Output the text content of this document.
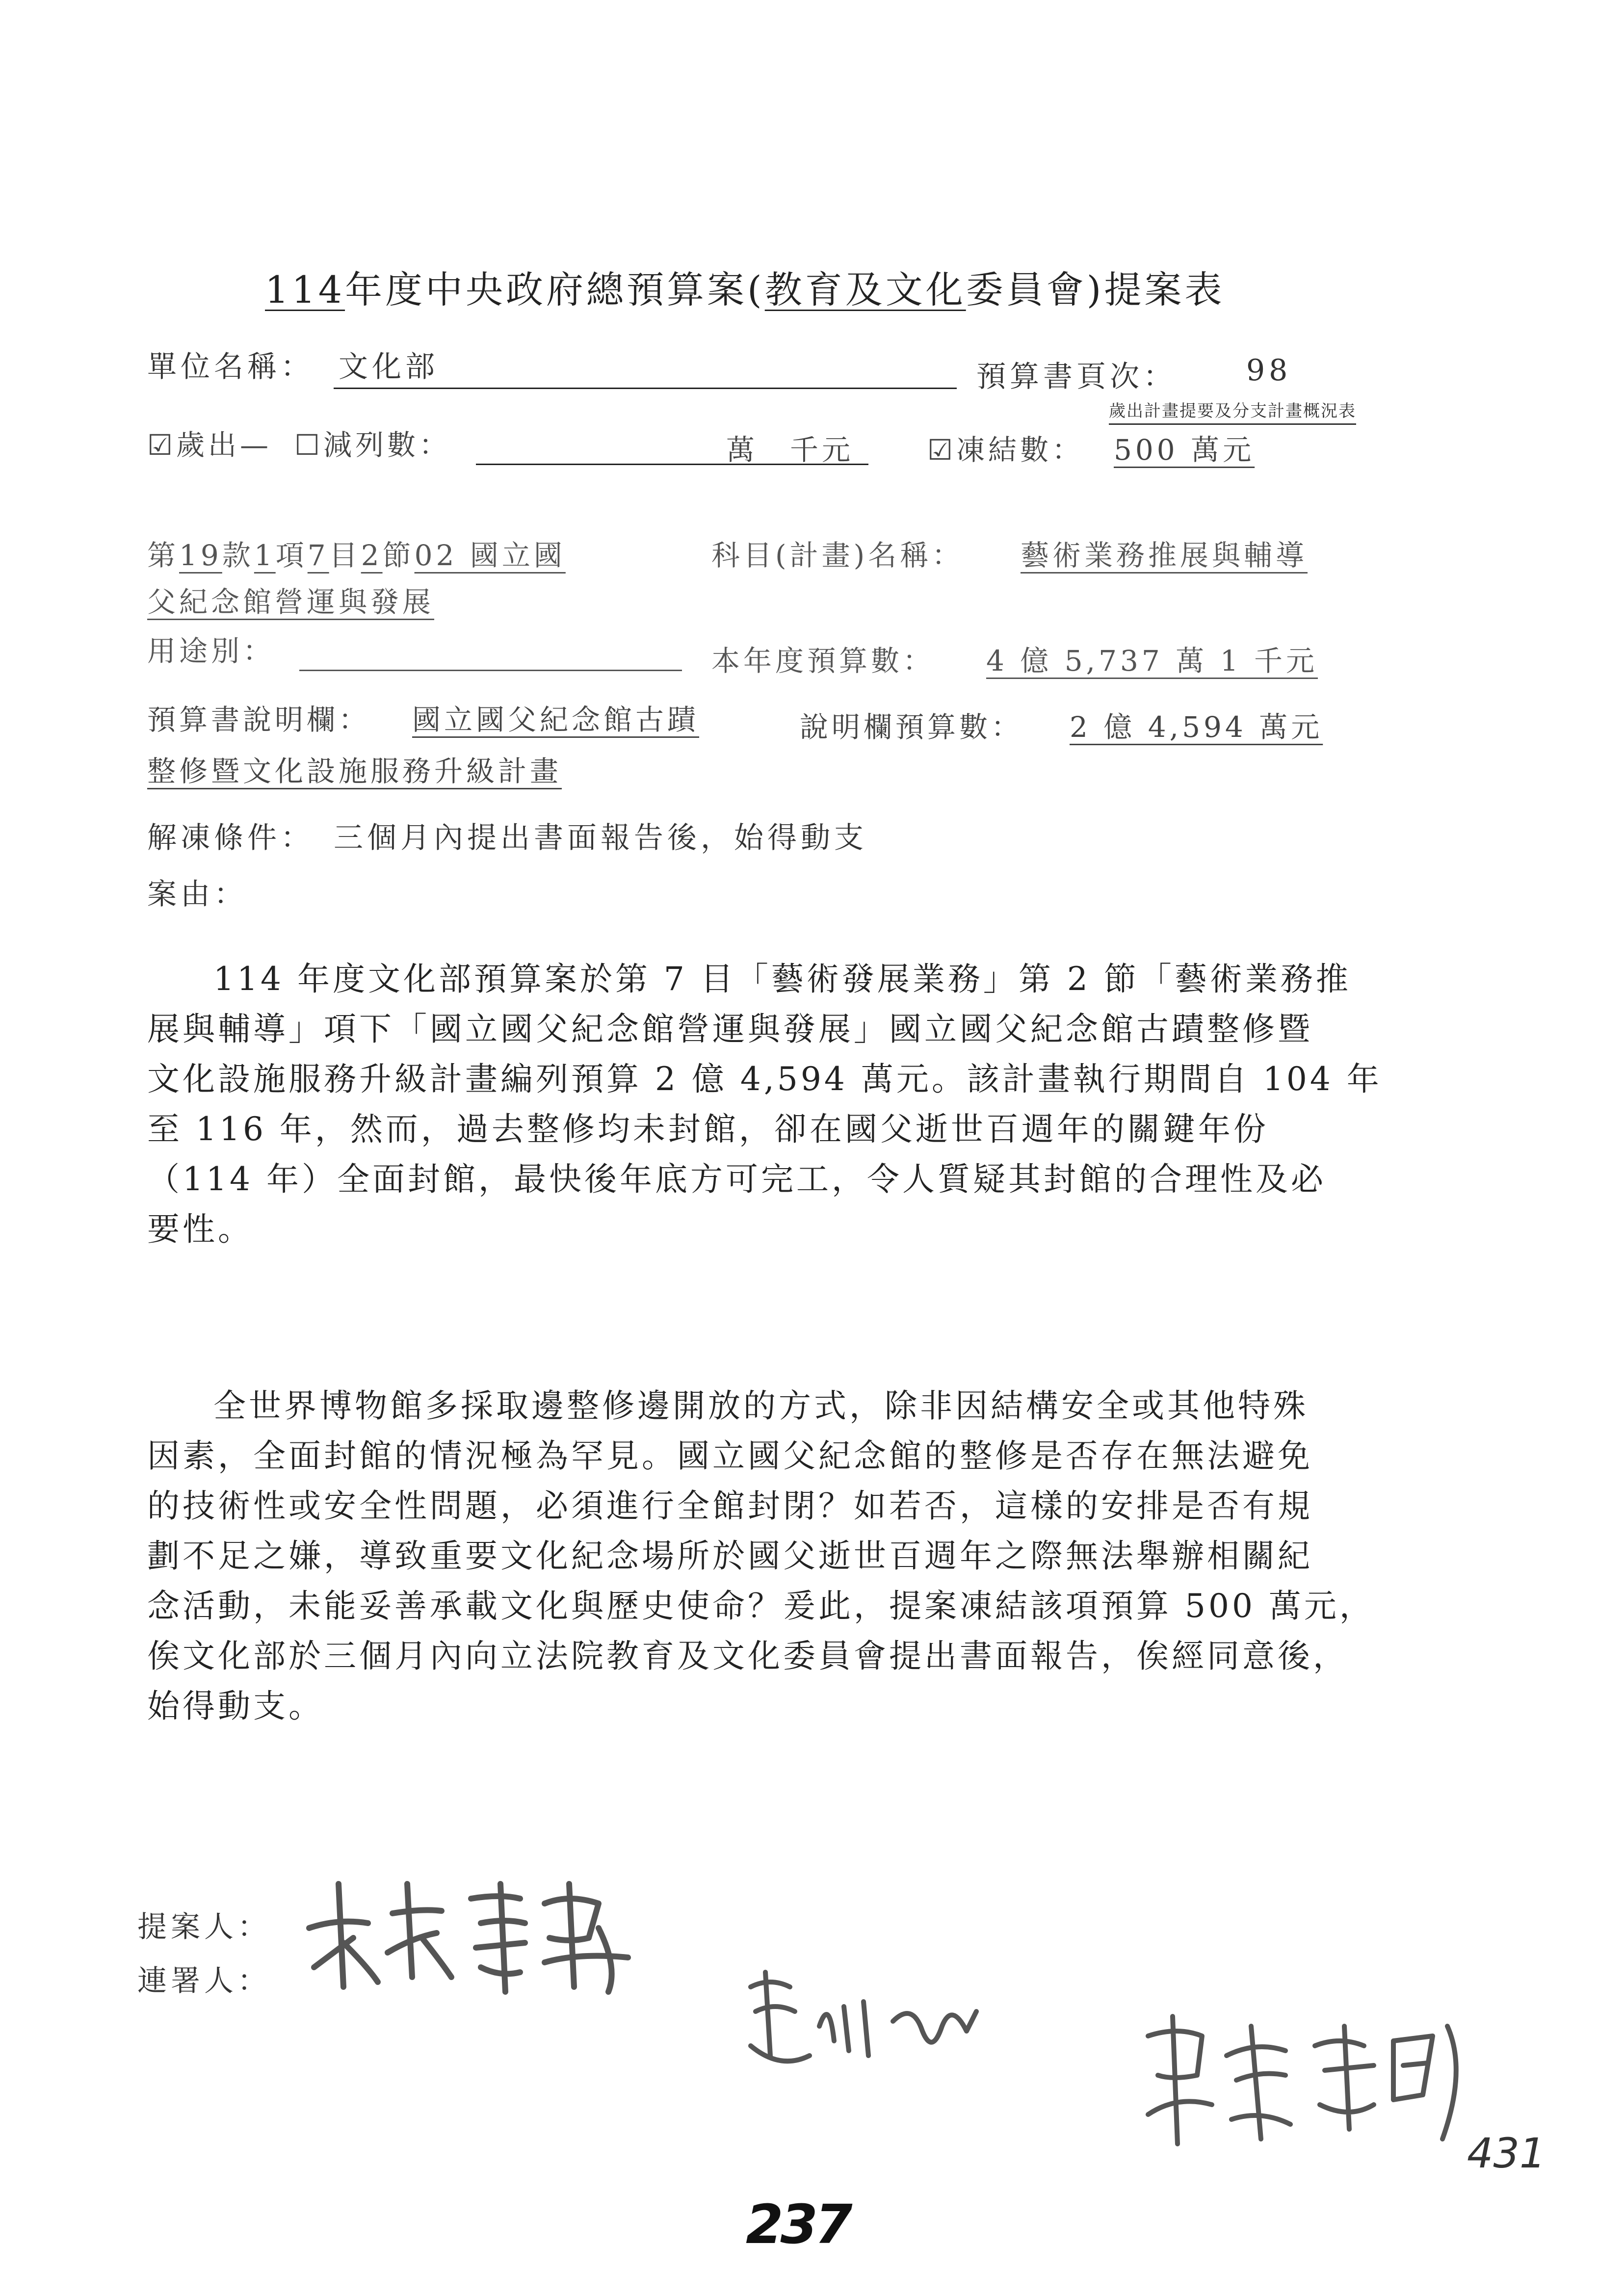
114年度中央政府總預算案(教育及文化委員會)提案表
單位名稱： 文化部	預算書頁次： 98
歲出計畫提要及分支計畫概況表
☑歲出— ☐減列數：	萬　千元	☑凍結數： 500 萬元
第19款1項7目2節02 國立國	科目(計畫)名稱： 藝術業務推展與輔導
父紀念館營運與發展
用途別：	本年度預算數： 4 億 5,737 萬 1 千元
預算書說明欄： 國立國父紀念館古蹟	說明欄預算數： 2 億 4,594 萬元
整修暨文化設施服務升級計畫
解凍條件： 三個月內提出書面報告後，始得動支
案由：
114 年度文化部預算案於第 7 目「藝術發展業務」第 2 節「藝術業務推
展與輔導」項下「國立國父紀念館營運與發展」國立國父紀念館古蹟整修暨
文化設施服務升級計畫編列預算 2 億 4,594 萬元。該計畫執行期間自 104 年
至 116 年，然而，過去整修均未封館，卻在國父逝世百週年的關鍵年份
（114 年）全面封館，最快後年底方可完工，令人質疑其封館的合理性及必
要性。
全世界博物館多採取邊整修邊開放的方式，除非因結構安全或其他特殊
因素，全面封館的情況極為罕見。國立國父紀念館的整修是否存在無法避免
的技術性或安全性問題，必須進行全館封閉？如若否，這樣的安排是否有規
劃不足之嫌，導致重要文化紀念場所於國父逝世百週年之際無法舉辦相關紀
念活動，未能妥善承載文化與歷史使命？爰此，提案凍結該項預算 500 萬元，
俟文化部於三個月內向立法院教育及文化委員會提出書面報告，俟經同意後，
始得動支。
提案人：
連署人：
237
431
